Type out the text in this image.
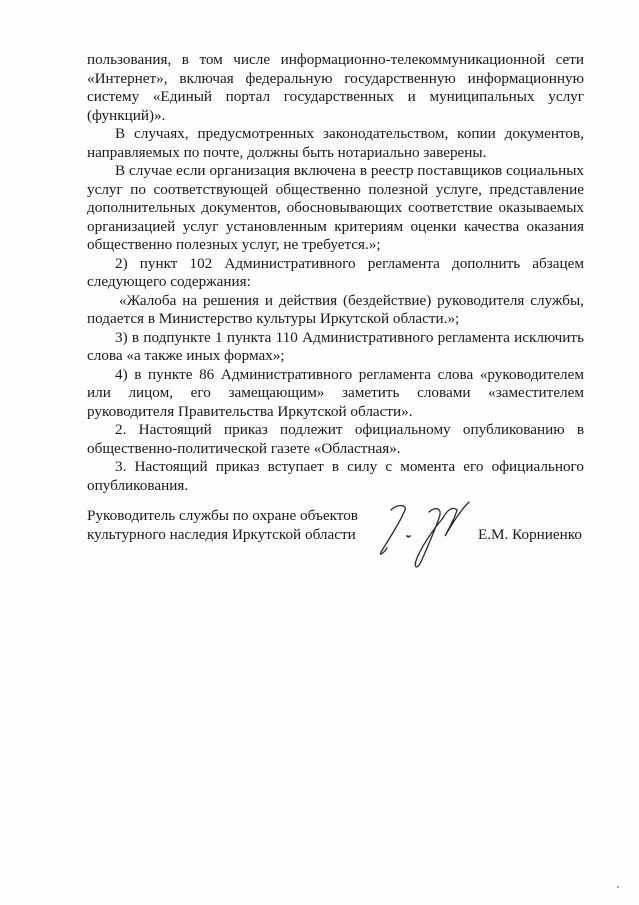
пользования, в том числе информационно-телекоммуникационной сети «Интернет», включая федеральную государственную информационную систему «Единый портал государственных и муниципальных услуг (функций)».

В случаях, предусмотренных законодательством, копии документов, направляемых по почте, должны быть нотариально заверены.

В случае если организация включена в реестр поставщиков социальных услуг по соответствующей общественно полезной услуге, представление дополнительных документов, обосновывающих соответствие оказываемых организацией услуг установленным критериям оценки качества оказания общественно полезных услуг, не требуется.»;

2) пункт 102 Административного регламента дополнить абзацем следующего содержания:

«Жалоба на решения и действия (бездействие) руководителя службы, подается в Министерство культуры Иркутской области.»;

3) в подпункте 1 пункта 110 Административного регламента исключить слова «а также иных формах»;

4) в пункте 86 Административного регламента слова «руководителем или лицом, его замещающим» заметить словами «заместителем руководителя Правительства Иркутской области».

2. Настоящий приказ подлежит официальному опубликованию в общественно-политической газете «Областная».

3. Настоящий приказ вступает в силу с момента его официального опубликования.

Руководитель службы по охране объектов культурного наследия Иркутской области	Е.М. Корниенко
